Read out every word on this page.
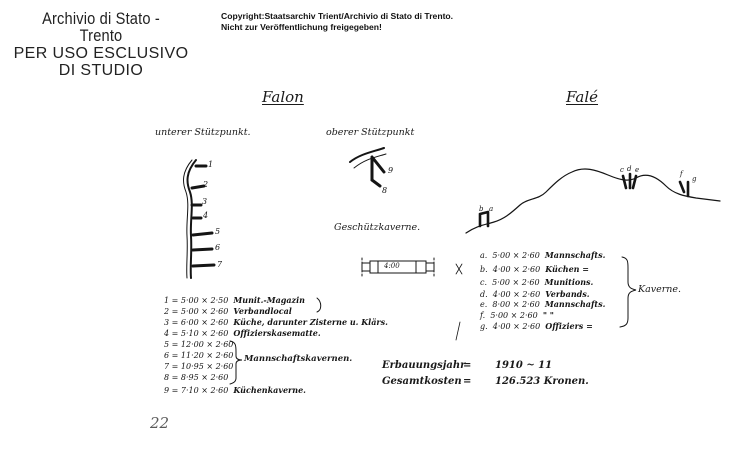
Archivio di Stato - Trento
PER USO ESCLUSIVO
DI STUDIO
Copyright:Staatsarchiv Trient/Archivio di Stato di Trento.
Nicht zur Veröffentlichung freigegeben!
Falon
unterer Stützpunkt.	oberer Stützpunkt
Geschützkaverne.
4:00
1
2
3
4
5
6
7
9
8
Falé
b a
c d e	f
g
a. 5·00 × 2·60 Mannschafts.
b. 4·00 × 2·60 Küchen =
c. 5·00 × 2·60 Munitions.
d. 4·00 × 2·60 Verbands.
e. 8·00 × 2·60 Mannschafts.
f. 5·00 × 2·60 " "
g. 4·00 × 2·60 Offiziers =
Kaverne.
1 = 5·00 × 2·50 Munit.-Magazin
2 = 5·00 × 2·60 Verbandlocal
3 = 6·00 × 2·60 Küche, darunter Zisterne u. Klärs.
4 = 5·10 × 2·60 Offizierskasematte.
5 = 12·00 × 2·60
6 = 11·20 × 2·60
7 = 10·95 × 2·60
8 = 8·95 × 2·60
9 = 7·10 × 2·60 Küchenkaverne.
Mannschaftskavernen.
Erbauungsjahr
= 1910 ~ 11
Gesamtkosten = 126.523 Kronen.
22
